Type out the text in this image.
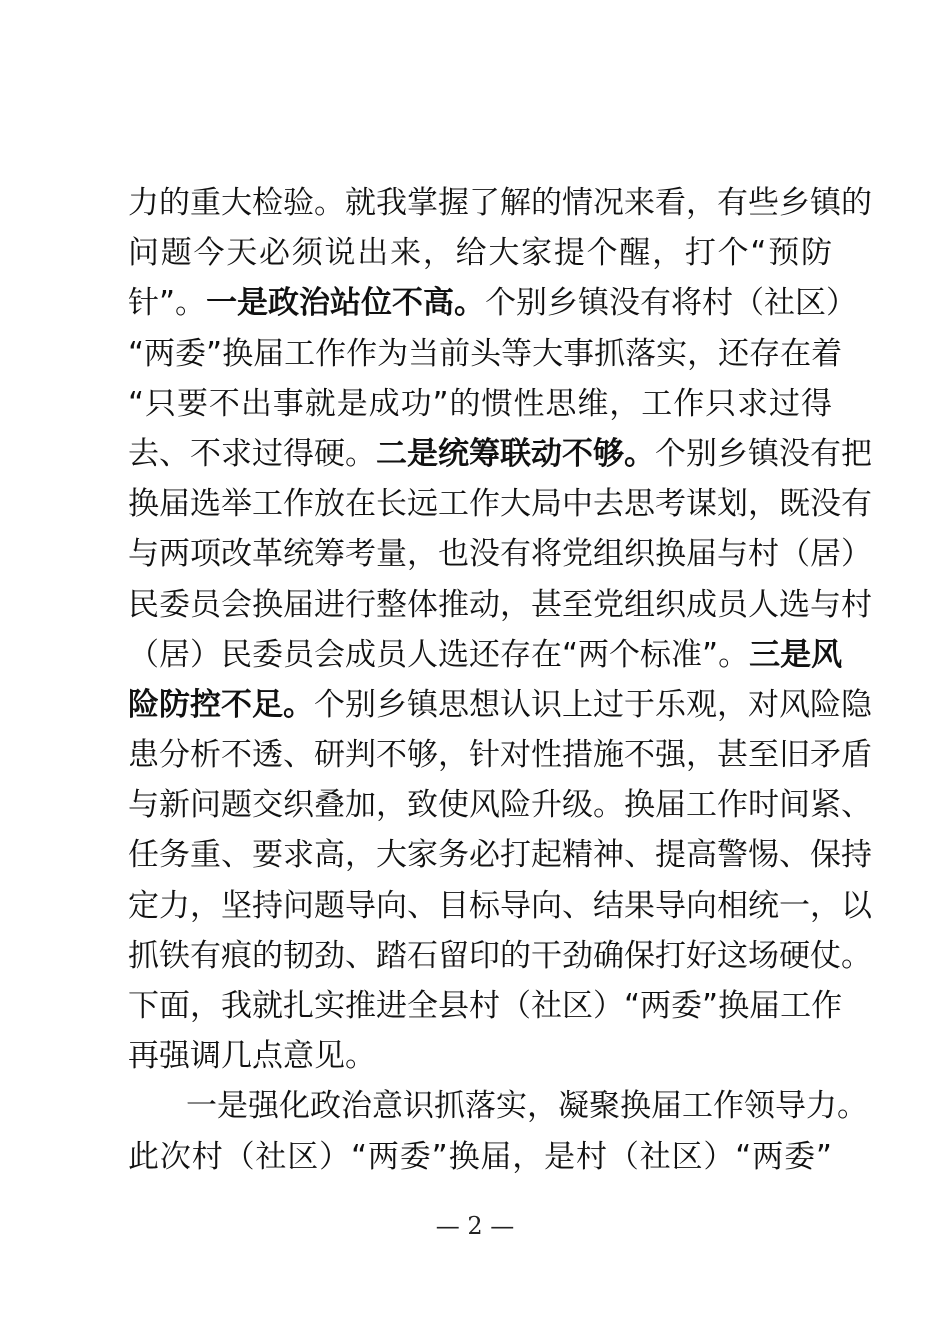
力的重大检验。就我掌握了解的情况来看，有些乡镇的
问题今天必须说出来，给大家提个醒，打个“预防
针”。一是政治站位不高。个别乡镇没有将村（社区）
“两委”换届工作作为当前头等大事抓落实，还存在着
“只要不出事就是成功”的惯性思维，工作只求过得
去、不求过得硬。二是统筹联动不够。个别乡镇没有把
换届选举工作放在长远工作大局中去思考谋划，既没有
与两项改革统筹考量，也没有将党组织换届与村（居）
民委员会换届进行整体推动，甚至党组织成员人选与村
（居）民委员会成员人选还存在“两个标准”。三是风
险防控不足。个别乡镇思想认识上过于乐观，对风险隐
患分析不透、研判不够，针对性措施不强，甚至旧矛盾
与新问题交织叠加，致使风险升级。换届工作时间紧、
任务重、要求高，大家务必打起精神、提高警惕、保持
定力，坚持问题导向、目标导向、结果导向相统一，以
抓铁有痕的韧劲、踏石留印的干劲确保打好这场硬仗。
下面，我就扎实推进全县村（社区）“两委”换届工作
再强调几点意见。
一是强化政治意识抓落实，凝聚换届工作领导力。
此次村（社区）“两委”换届，是村（社区）“两委”
— 2 —
